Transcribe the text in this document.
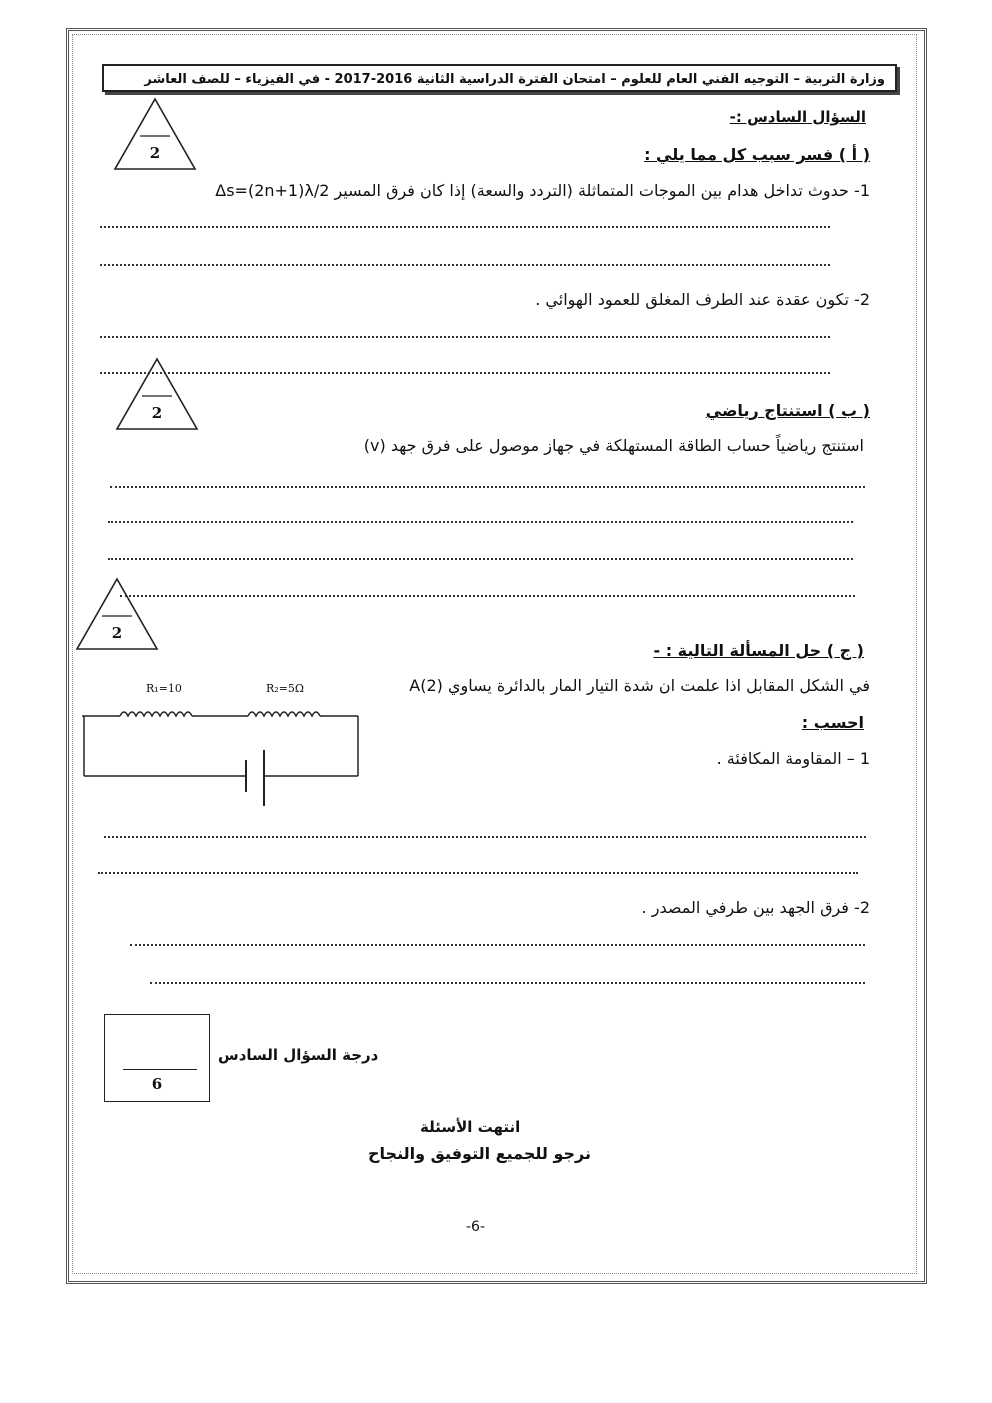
وزارة التربية – التوجيه الفني العام للعلوم – امتحان الفترة الدراسية الثانية 2016-2017 - في الفيزياء – للصف العاشر
السؤال السادس :-
2	( أ ) فسر سبب كل مما يلي :
1- حدوث تداخل هدام بين الموجات المتماثلة (التردد والسعة) إذا كان فرق المسير Δs=(2n+1)λ/2
2- تكون عقدة عند الطرف المغلق للعمود الهوائي .
2	( ب ) استنتاج رياضي
استنتج رياضياً حساب الطاقة المستهلكة في جهاز موصول على فرق جهد (v)
2
( ج ) حل المسألة التالية : -
في الشكل المقابل اذا علمت ان شدة التيار المار بالدائرة يساوي A(2)
احسب :
1 – المقاومة المكافئة .
R₁=10	R₂=5Ω
2- فرق الجهد بين طرفي المصدر .
6
درجة السؤال السادس
انتهت الأسئلة
نرجو للجميع التوفيق والنجاح
-6-
